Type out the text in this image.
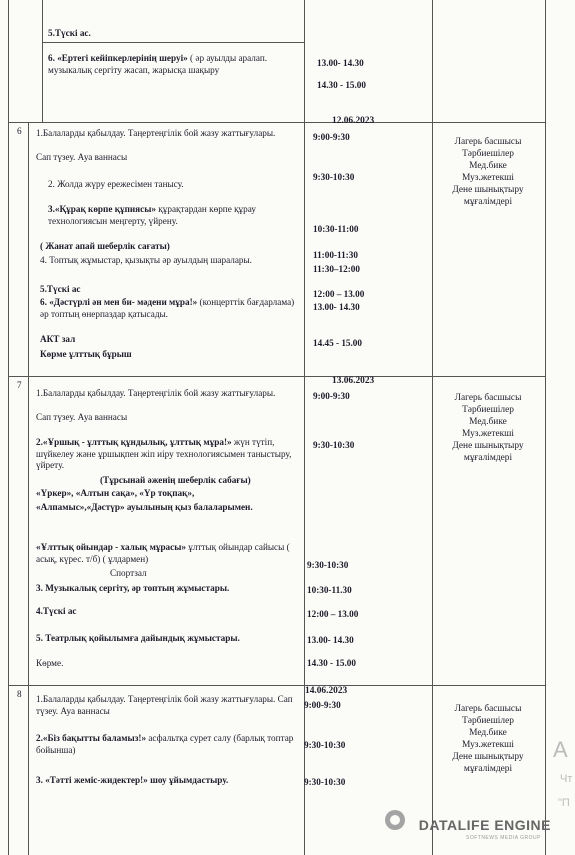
5.Түскі ас.
6. «Ертегі кейіпкерлерінің шеруі» ( әр ауылды аралап. музыкалық сергіту жасап, жарысқа шақыру
13.00- 14.30
14.30 - 15.00
12.06.2023
6 1.Балаларды қабылдау. Таңертеңгілік бой жазу жаттығулары.
Сап түзеу. Ауа ваннасы
2. Жолда жүру ережесімен танысу.
3.«Құрақ көрпе құпиясы» құрақтардан көрпе құрау технологиясын меңгерту, үйрену.
( Жанат апай шеберлік сағаты)
4. Топтық жұмыстар, қызықты әр ауылдың шаралары.
5.Түскі ас
6. «Дәстүрлі ән мен би- мәдени мұра!» (концерттік бағдарлама) әр топтың өнерпаздар қатысады.
АКТ зал
Көрме ұлттық бұрыш
9:00-9:30
9:30-10:30
10:30-11:00
11:00-11:30
11:30–12:00
12:00 – 13.00
13.00- 14.30
14.45 - 15.00
Лагерь басшысы
Тәрбиешілер
Мед.бике
Муз.жетекші
Дене шынықтыру
мұғалімдері
13.06.2023
7
1.Балаларды қабылдау. Таңертеңгілік бой жазу жаттығулары.
Сап түзеу. Ауа ваннасы
2.«Ұршық - ұлттық құндылық, ұлттық мұра!» жүн түтіп, шүйкелеу және ұршықпен жіп иіру технологиясымен таныстыру, үйрету.
(Тұрсынай әженің шеберлік сабағы)
«Үркер», «Алтын сақа», «Үр тоқпақ»,
«Алпамыс»,«Дәстүр» ауылының қыз балаларымен.
«Ұлттық ойындар - халық мұрасы» ұлттық ойындар сайысы ( асық, күрес. т/б) ( ұлдармен)
Спортзал
3. Музыкалық сергіту, әр топтың жұмыстары.
4.Түскі ас
5. Театрлық қойылымға дайындық жұмыстары.
Көрме.
9:00-9:30
9:30-10:30
9:30-10:30
10:30-11.30
12:00 – 13.00
13.00- 14.30
14.30 - 15.00
Лагерь басшысы
Тәрбиешілер
Мед.бике
Муз.жетекші
Дене шынықтыру
мұғалімдері
14.06.2023
8 1.Балаларды қабылдау. Таңертеңгілік бой жазу жаттығулары. Сап түзеу. Ауа ваннасы
2.«Біз бақытты баламыз!» асфальтқа сурет салу (барлық топтар бойынша)
3. «Тәтті жеміс-жидектер!» шоу ұйымдастыру.
9:00-9:30
9:30-10:30
9:30-10:30
Лагерь басшысы
Тәрбиешілер
Мед.бике
Муз.жетекші
Дене шынықтыру
мұғалімдері
A
Чт
"П
DATALIFE ENGINE
SOFTNEWS MEDIA GROUP
